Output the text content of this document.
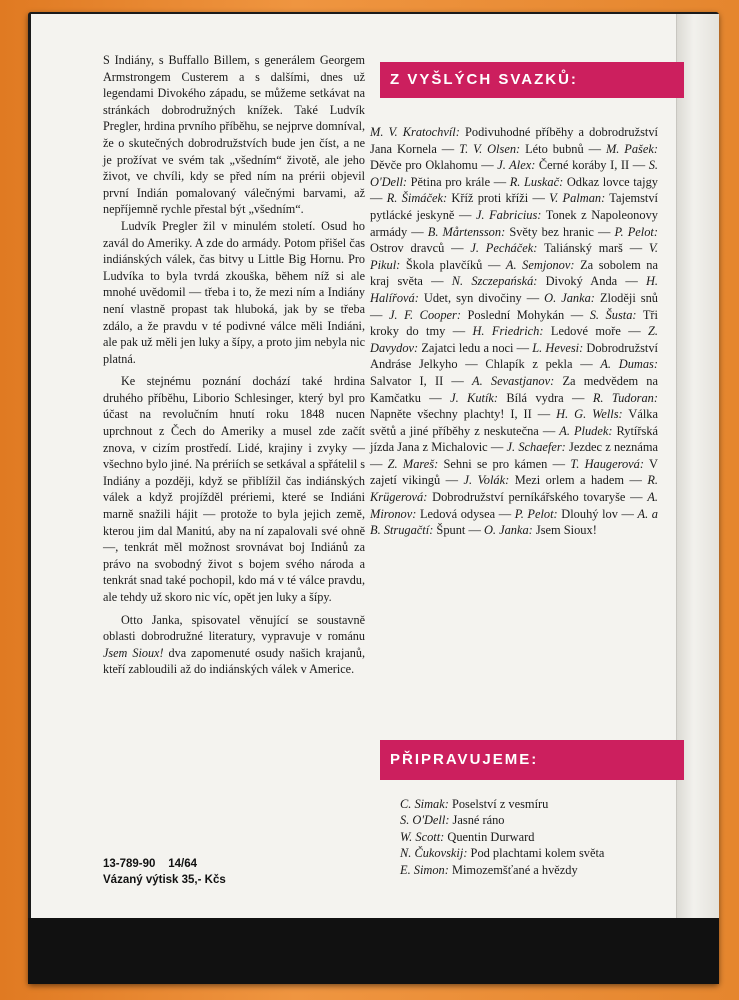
S Indiány, s Buffallo Billem, s generálem Georgem Armstrongem Custerem a s dalšími, dnes už legendami Divokého západu, se můžeme setkávat na stránkách dobrodružných knížek. Také Ludvík Pregler, hrdina prvního příběhu, se nejprve domníval, že o skutečných dobrodružstvích bude jen číst, a ne je prožívat ve svém tak „všedním“ životě, ale jeho život, ve chvíli, kdy se před ním na prérii objevil první Indián pomalovaný válečnými barvami, až nepříjemně rychle přestal být „všedním“.

Ludvík Pregler žil v minulém století. Osud ho zavál do Ameriky. A zde do armády. Potom přišel čas indiánských válek, čas bitvy u Little Big Hornu. Pro Ludvíka to byla tvrdá zkouška, během níž si ale mnohé uvědomil — třeba i to, že mezi ním a Indiány není vlastně propast tak hluboká, jak by se třeba zdálo, a že pravdu v té podivné válce měli Indiáni, ale pak už měli jen luky a šípy, a proto jim nebyla nic platná.

Ke stejnému poznání dochází také hrdina druhého příběhu, Liborio Schlesinger, který byl pro účast na revolučním hnutí roku 1848 nucen uprchnout z Čech do Ameriky a musel zde začít znova, v cizím prostředí. Lidé, krajiny i zvyky — všechno bylo jiné. Na prériích se setkával a spřátelil s Indiány a později, když se přiblížil čas indiánských válek a když projížděl prériemi, které se Indiáni marně snažili hájit — protože to byla jejich země, kterou jim dal Manitú, aby na ní zapalovali své ohně —, tenkrát měl možnost srovnávat boj Indiánů za právo na svobodný život s bojem svého národa a tenkrát snad také pochopil, kdo má v té válce pravdu, ale tehdy už skoro nic víc, opět jen luky a šípy.

Otto Janka, spisovatel věnující se soustavně oblasti dobrodružné literatury, vypravuje v románu Jsem Sioux! dva zapomenuté osudy našich krajanů, kteří zabloudili až do indiánských válek v Americe.

13-789-90    14/64
Vázaný výtisk 35,- Kčs
Z VYŠLÝCH SVAZKŮ:
M. V. Kratochvíl: Podivuhodné příběhy a dobrodružství Jana Kornela — T. V. Olsen: Léto bubnů — M. Pašek: Děvče pro Oklahomu — J. Alex: Černé koráby I, II — S. O'Dell: Pětina pro krále — R. Luskač: Odkaz lovce tajgy — R. Šimáček: Kříž proti kříži — V. Palman: Tajemství pytlácké jeskyně — J. Fabricius: Tonek z Napoleonovy armády — B. Mårtensson: Světy bez hranic — P. Pelot: Ostrov dravců — J. Pecháček: Taliánský marš — V. Pikul: Škola plavčíků — A. Semjonov: Za sobolem na kraj světa — N. Szczepańská: Divoký Anda — H. Halířová: Udet, syn divočiny — O. Janka: Zloději snů — J. F. Cooper: Poslední Mohykán — S. Šusta: Tři kroky do tmy — H. Friedrich: Ledové moře — Z. Davydov: Zajatci ledu a noci — L. Hevesi: Dobrodružství Andráse Jelkyho — Chlapík z pekla — A. Dumas: Salvator I, II — A. Sevastjanov: Za medvědem na Kamčatku — J. Kutík: Bílá vydra — R. Tudoran: Napněte všechny plachty! I, II — H. G. Wells: Válka světů a jiné příběhy z neskutečna — A. Pludek: Rytířská jízda Jana z Michalovic — J. Schaefer: Jezdec z neznáma — Z. Mareš: Sehni se pro kámen — T. Haugerová: V zajetí vikingů — J. Volák: Mezi orlem a hadem — R. Krügerová: Dobrodružství perníkářského tovaryše — A. Mironov: Ledová odysea — P. Pelot: Dlouhý lov — A. a B. Strugačtí: Špunt — O. Janka: Jsem Sioux!
PŘIPRAVUJEME:
C. Simak: Poselství z vesmíru
S. O'Dell: Jasné ráno
W. Scott: Quentin Durward
N. Čukovskij: Pod plachtami kolem světa
E. Simon: Mimozemšťané a hvězdy
